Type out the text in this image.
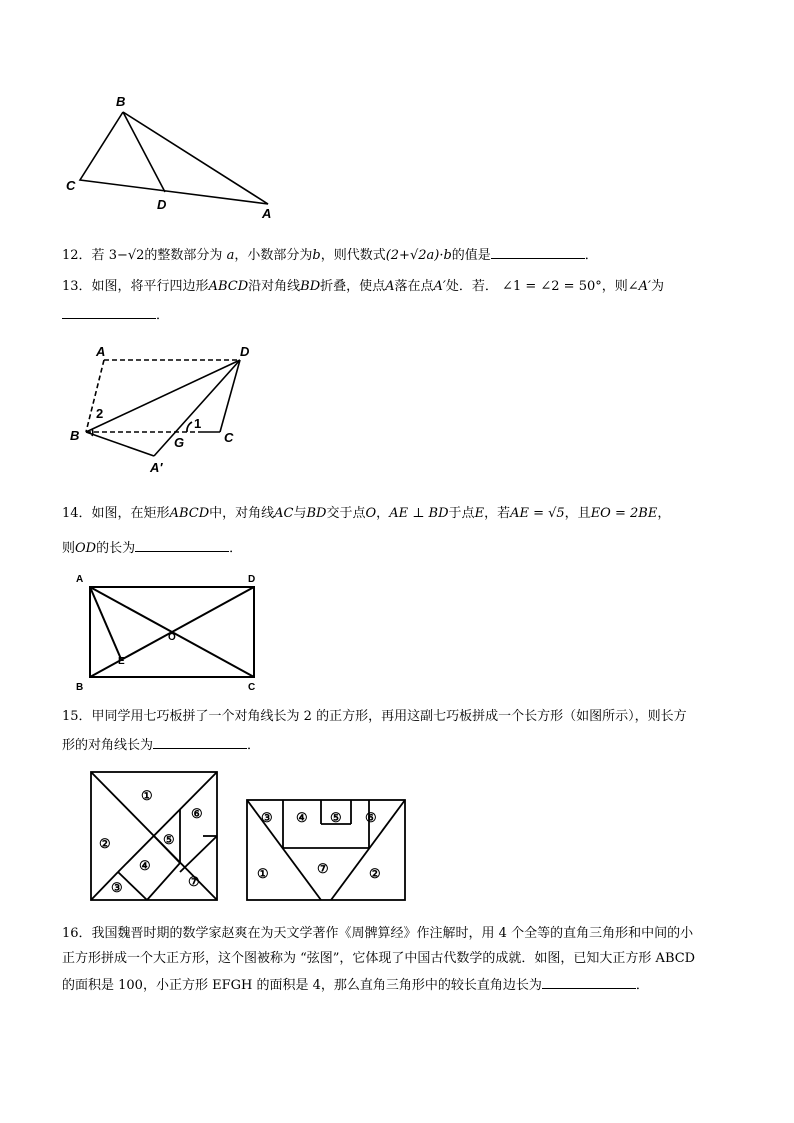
B
C
D
A
12．若 3−√2的整数部分为 a，小数部分为b，则代数式(2+√2a)·b的值是	．
13．如图，将平行四边形ABCD沿对角线BD折叠，使点A落在点A′处．若． ∠1 = ∠2 = 50°，则∠A′为
．
A	D
B	C
G
A′
1
2
14．如图，在矩形ABCD中，对角线AC与BD交于点O，AE ⊥ BD于点E，若AE = √5，且EO = 2BE，
则OD的长为	．
A	D
B	C
O
E
15．甲同学用七巧板拼了一个对角线长为 2 的正方形，再用这副七巧板拼成一个长方形（如图所示），则长方
形的对角线长为	．
①
②
③
④
⑤
⑥
⑦
③ ④ ⑤ ⑥
①	⑦	②
16．我国魏晋时期的数学家赵爽在为天文学著作《周髀算经》作注解时，用 4 个全等的直角三角形和中间的小
正方形拼成一个大正方形，这个图被称为 “弦图”，它体现了中国古代数学的成就．如图，已知大正方形 ABCD
的面积是 100，小正方形 EFGH 的面积是 4，那么直角三角形中的较长直角边长为	．
